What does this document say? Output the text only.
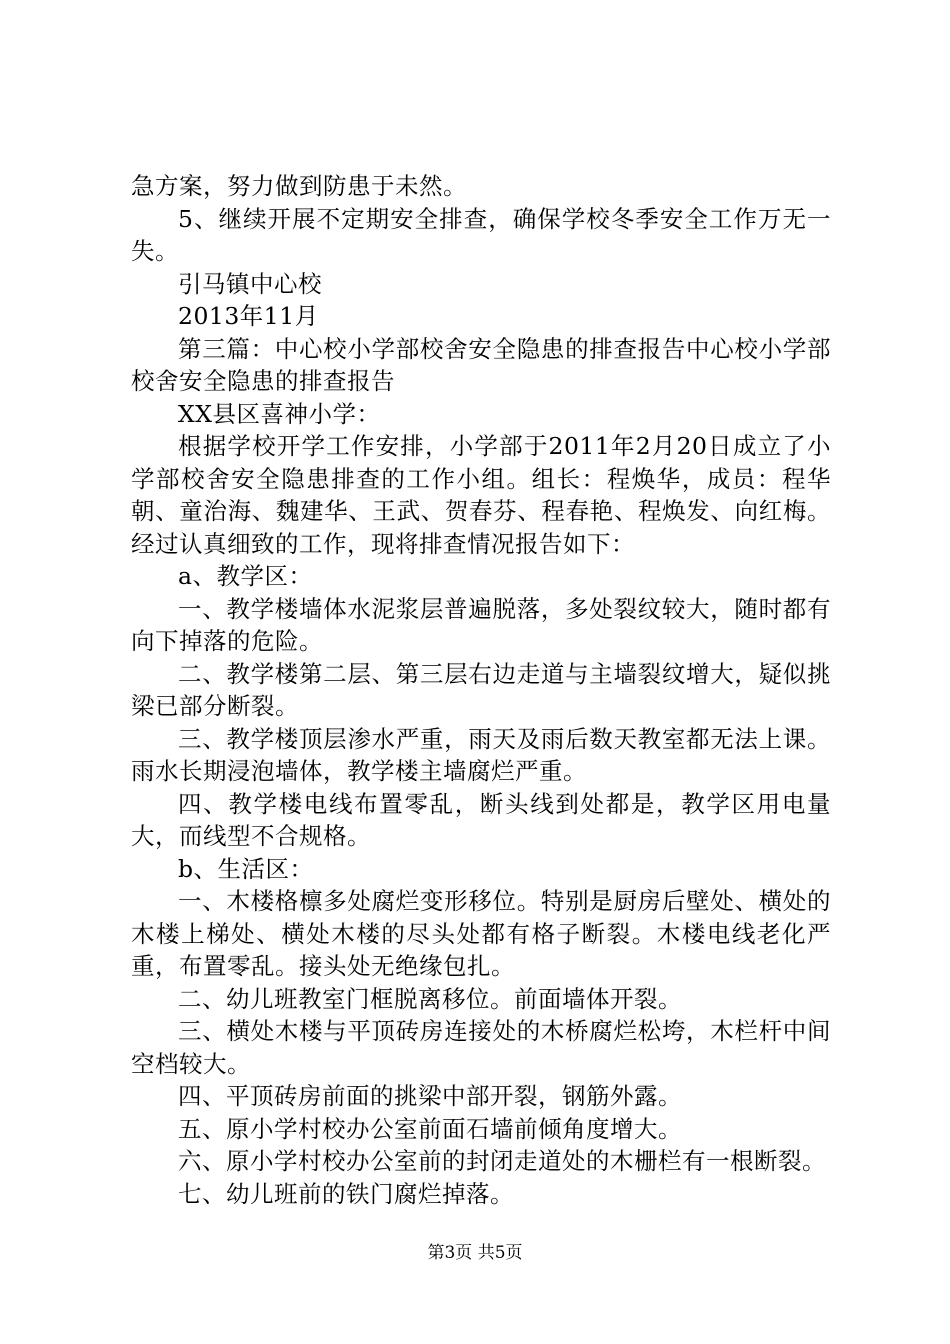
急方案，努力做到防患于未然。

5、继续开展不定期安全排查，确保学校冬季安全工作万无一失。

引马镇中心校

2013年11月

第三篇：中心校小学部校舍安全隐患的排查报告中心校小学部校舍安全隐患的排查报告

XX县区喜神小学：

根据学校开学工作安排，小学部于2011年2月20日成立了小学部校舍安全隐患排查的工作小组。组长：程焕华，成员：程华朝、童治海、魏建华、王武、贺春芬、程春艳、程焕发、向红梅。经过认真细致的工作，现将排查情况报告如下：

a、教学区：

一、教学楼墙体水泥浆层普遍脱落，多处裂纹较大，随时都有向下掉落的危险。

二、教学楼第二层、第三层右边走道与主墙裂纹增大，疑似挑梁已部分断裂。

三、教学楼顶层渗水严重，雨天及雨后数天教室都无法上课。雨水长期浸泡墙体，教学楼主墙腐烂严重。

四、教学楼电线布置零乱，断头线到处都是，教学区用电量大，而线型不合规格。

b、生活区：

一、木楼格檩多处腐烂变形移位。特别是厨房后壁处、横处的木楼上梯处、横处木楼的尽头处都有格子断裂。木楼电线老化严重，布置零乱。接头处无绝缘包扎。

二、幼儿班教室门框脱离移位。前面墙体开裂。

三、横处木楼与平顶砖房连接处的木桥腐烂松垮，木栏杆中间空档较大。

四、平顶砖房前面的挑梁中部开裂，钢筋外露。

五、原小学村校办公室前面石墙前倾角度增大。

六、原小学村校办公室前的封闭走道处的木栅栏有一根断裂。

七、幼儿班前的铁门腐烂掉落。

第3页 共5页
